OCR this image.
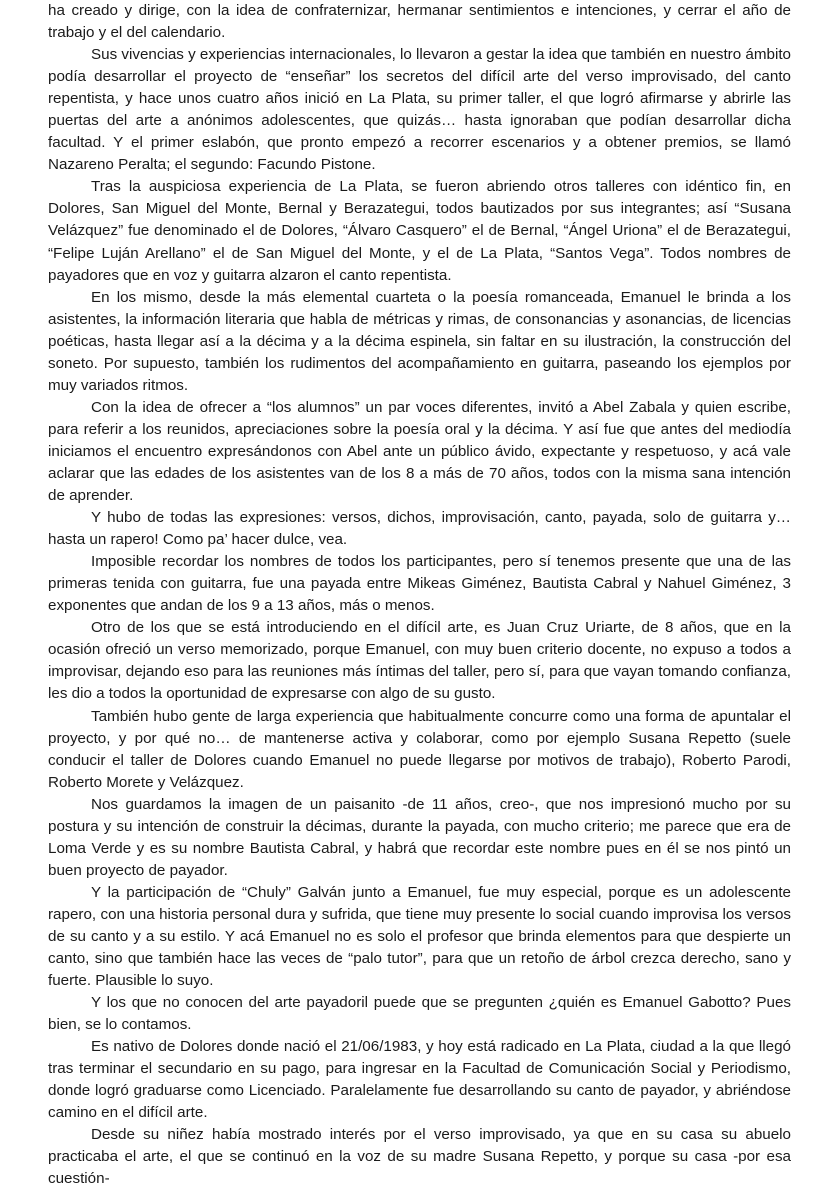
ha creado y dirige, con la idea de confraternizar, hermanar sentimientos e intenciones, y cerrar el año de trabajo y el del calendario.

Sus vivencias y experiencias internacionales, lo llevaron a gestar la idea que también en nuestro ámbito podía desarrollar el proyecto de “enseñar” los secretos del difícil arte del verso improvisado, del canto repentista, y hace unos cuatro años inició en La Plata, su primer taller, el que logró afirmarse y abrirle las puertas del arte a anónimos adolescentes, que quizás… hasta ignoraban que podían desarrollar dicha facultad. Y el primer eslabón, que pronto empezó a recorrer escenarios y a obtener premios, se llamó Nazareno Peralta; el segundo: Facundo Pistone.

Tras la auspiciosa experiencia de La Plata, se fueron abriendo otros talleres con idéntico fin, en Dolores, San Miguel del Monte, Bernal y Berazategui, todos bautizados por sus integrantes; así “Susana Velázquez” fue denominado el de Dolores, “Álvaro Casquero” el de Bernal, “Ángel Uriona” el de Berazategui, “Felipe Luján Arellano” el de San Miguel del Monte, y el de La Plata, “Santos Vega”. Todos nombres de payadores que en voz y guitarra alzaron el canto repentista.

En los mismo, desde la más elemental cuarteta o la poesía romanceada, Emanuel le brinda a los asistentes, la información literaria que habla de métricas y rimas, de consonancias y asonancias, de licencias poéticas, hasta llegar así a la décima y a la décima espinela, sin faltar en su ilustración, la construcción del soneto. Por supuesto, también los rudimentos del acompañamiento en guitarra, paseando los ejemplos por muy variados ritmos.

Con la idea de ofrecer a “los alumnos” un par voces diferentes, invitó a Abel Zabala y quien escribe, para referir a los reunidos, apreciaciones sobre la poesía oral y la décima. Y así fue que antes del mediodía iniciamos el encuentro expresándonos con Abel ante un público ávido, expectante y respetuoso, y acá vale aclarar que las edades de los asistentes van de los 8 a más de 70 años, todos con la misma sana intención de aprender.

Y hubo de todas las expresiones: versos, dichos, improvisación, canto, payada, solo de guitarra y… hasta un rapero! Como pa’ hacer dulce, vea.

Imposible recordar los nombres de todos los participantes, pero sí tenemos presente que una de las primeras tenida con guitarra, fue una payada entre Mikeas Giménez, Bautista Cabral y Nahuel Giménez, 3 exponentes que andan de los 9 a 13 años, más o menos.

Otro de los que se está introduciendo en el difícil arte, es Juan Cruz Uriarte, de 8 años, que en la ocasión ofreció un verso memorizado, porque Emanuel, con muy buen criterio docente, no expuso a todos a improvisar, dejando eso para las reuniones más íntimas del taller, pero sí, para que vayan tomando confianza, les dio a todos la oportunidad de expresarse con algo de su gusto.

También hubo gente de larga experiencia que habitualmente concurre como una forma de apuntalar el proyecto, y por qué no… de mantenerse activa y colaborar, como por ejemplo Susana Repetto (suele conducir el taller de Dolores cuando Emanuel no puede llegarse por motivos de trabajo), Roberto Parodi, Roberto Morete y Velázquez.

Nos guardamos la imagen de un paisanito -de 11 años, creo-, que nos impresionó mucho por su postura y su intención de construir la décimas, durante la payada, con mucho criterio; me parece que era de Loma Verde y es su nombre Bautista Cabral, y habrá que recordar este nombre pues en él se nos pintó un buen proyecto de payador.

Y la participación de “Chuly” Galván junto a Emanuel, fue muy especial, porque es un adolescente rapero, con una historia personal dura y sufrida, que tiene muy presente lo social cuando improvisa los versos de su canto y a su estilo. Y acá Emanuel no es solo el profesor que brinda elementos para que despierte un canto, sino que también hace las veces de “palo tutor”, para que un retoño de árbol crezca derecho, sano y fuerte. Plausible lo suyo.

Y los que no conocen del arte payadoril puede que se pregunten ¿quién es Emanuel Gabotto? Pues bien, se lo contamos.

Es nativo de Dolores donde nació el 21/06/1983, y hoy está radicado en La Plata, ciudad a la que llegó tras terminar el secundario en su pago, para ingresar en la Facultad de Comunicación Social y Periodismo, donde logró graduarse como Licenciado. Paralelamente fue desarrollando su canto de payador, y abriéndose camino en el difícil arte.

Desde su niñez había mostrado interés por el verso improvisado, ya que en su casa su abuelo practicaba el arte, el que se continuó en la voz de su madre Susana Repetto, y porque su casa -por esa cuestión-
